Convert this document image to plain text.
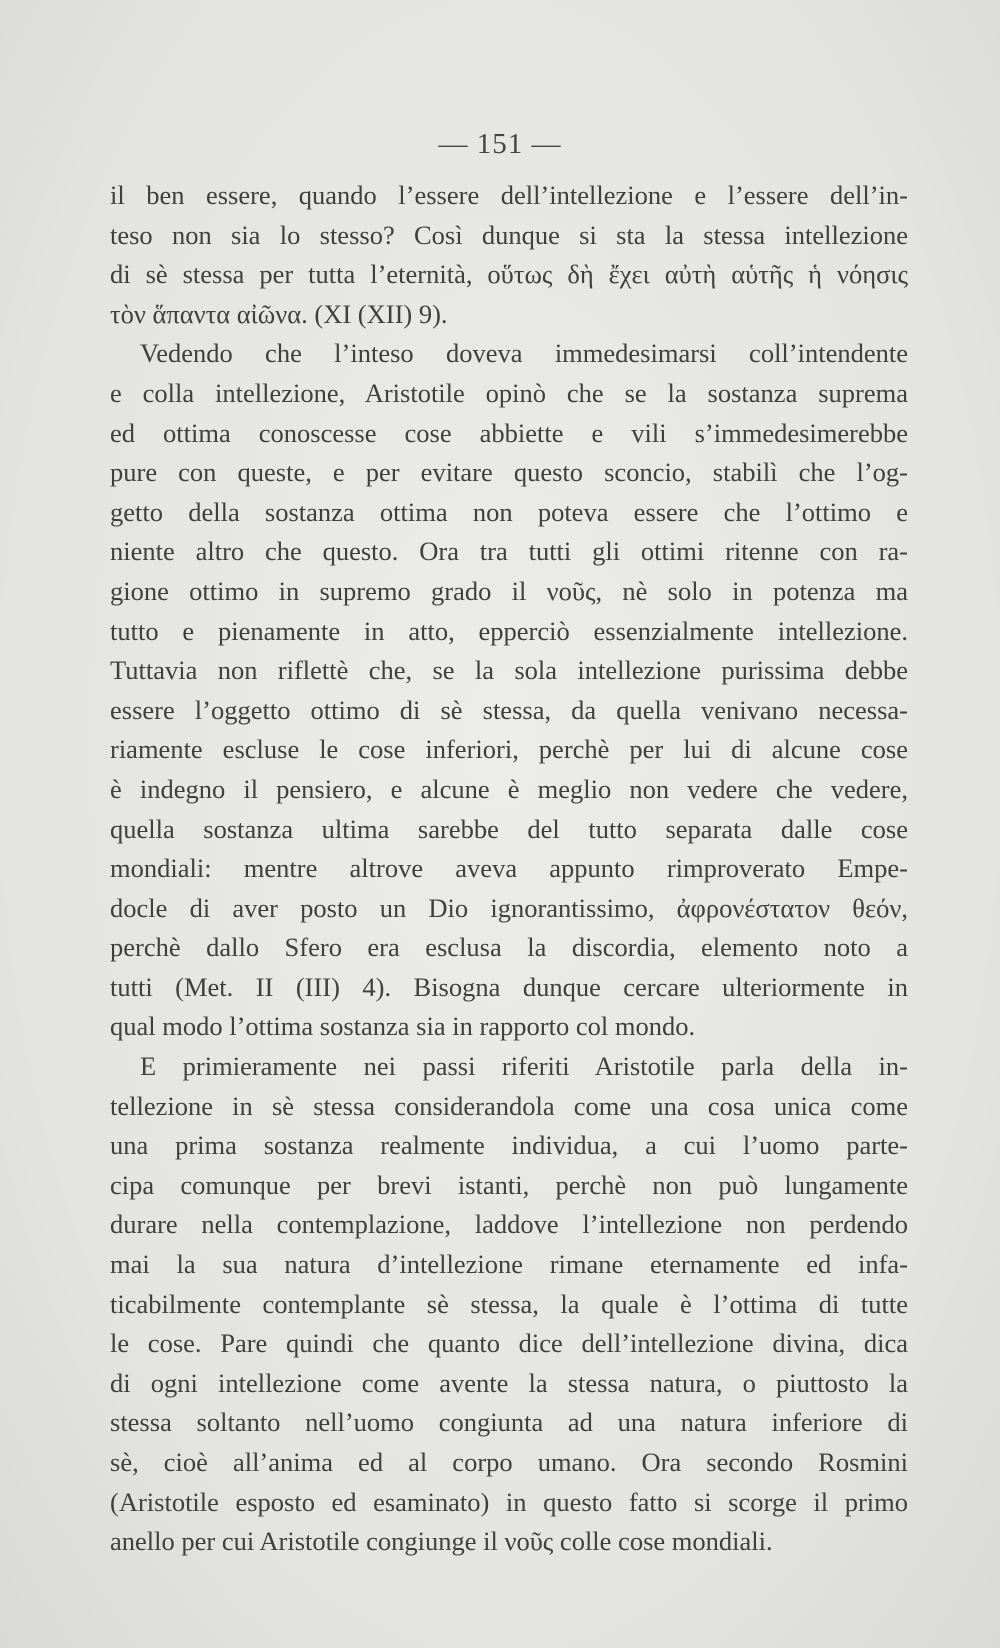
— 151 —
il ben essere, quando l’essere dell’intellezione e l’essere dell’in-
teso non sia lo stesso? Così dunque si sta la stessa intellezione
di sè stessa per tutta l’eternità, οὕτως δὴ ἔχει αὐτὴ αὑτῆς ἡ νόησις
τὸν ἅπαντα αἰῶνα. (XI (XII) 9).
Vedendo che l’inteso doveva immedesimarsi coll’intendente
e colla intellezione, Aristotile opinò che se la sostanza suprema
ed ottima conoscesse cose abbiette e vili s’immedesimerebbe
pure con queste, e per evitare questo sconcio, stabilì che l’og-
getto della sostanza ottima non poteva essere che l’ottimo e
niente altro che questo. Ora tra tutti gli ottimi ritenne con ra-
gione ottimo in supremo grado il νοῦς, nè solo in potenza ma
tutto e pienamente in atto, epperciò essenzialmente intellezione.
Tuttavia non riflettè che, se la sola intellezione purissima debbe
essere l’oggetto ottimo di sè stessa, da quella venivano necessa-
riamente escluse le cose inferiori, perchè per lui di alcune cose
è indegno il pensiero, e alcune è meglio non vedere che vedere,
quella sostanza ultima sarebbe del tutto separata dalle cose
mondiali: mentre altrove aveva appunto rimproverato Empe-
docle di aver posto un Dio ignorantissimo, ἀφρονέστατον θεόν,
perchè dallo Sfero era esclusa la discordia, elemento noto a
tutti (Met. II (III) 4). Bisogna dunque cercare ulteriormente in
qual modo l’ottima sostanza sia in rapporto col mondo.
E primieramente nei passi riferiti Aristotile parla della in-
tellezione in sè stessa considerandola come una cosa unica come
una prima sostanza realmente individua, a cui l’uomo parte-
cipa comunque per brevi istanti, perchè non può lungamente
durare nella contemplazione, laddove l’intellezione non perdendo
mai la sua natura d’intellezione rimane eternamente ed infa-
ticabilmente contemplante sè stessa, la quale è l’ottima di tutte
le cose. Pare quindi che quanto dice dell’intellezione divina, dica
di ogni intellezione come avente la stessa natura, o piuttosto la
stessa soltanto nell’uomo congiunta ad una natura inferiore di
sè, cioè all’anima ed al corpo umano. Ora secondo Rosmini
(Aristotile esposto ed esaminato) in questo fatto si scorge il primo
anello per cui Aristotile congiunge il νοῦς colle cose mondiali.
